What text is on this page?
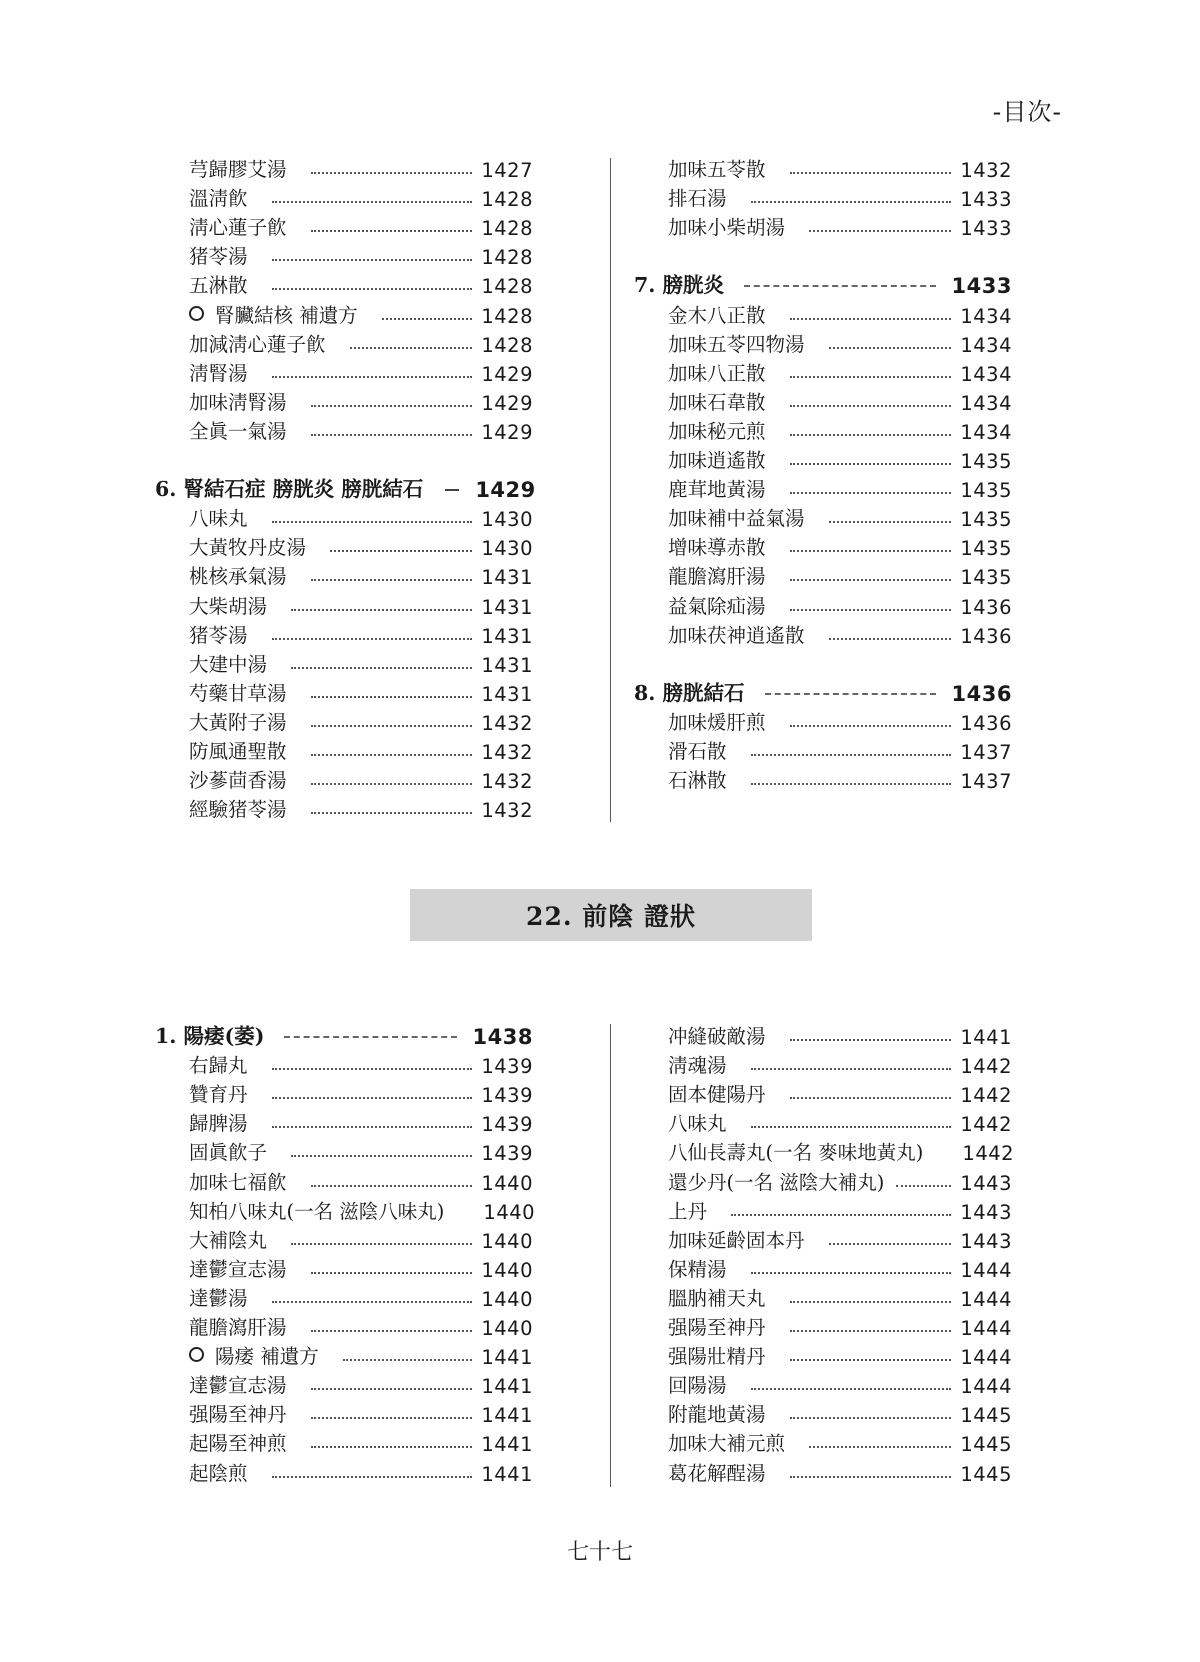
-目次-
芎歸膠艾湯	1427
溫淸飮	1428
淸心蓮子飮	1428
猪苓湯	1428
五淋散	1428
腎臟結核 補遺方	1428
加減淸心蓮子飮	1428
淸腎湯	1429
加味淸腎湯	1429
全眞一氣湯	1429
6. 腎結石症 膀胱炎 膀胱結石 1429
八味丸	1430
大黃牧丹皮湯	1430
桃核承氣湯	1431
大柴胡湯	1431
猪苓湯	1431
大建中湯	1431
芍藥甘草湯	1431
大黃附子湯	1432
防風通聖散	1432
沙蔘茴香湯	1432
經驗猪苓湯	1432
加味五苓散	1432
排石湯	1433
加味小柴胡湯	1433
7. 膀胱炎	1433
金木八正散	1434
加味五苓四物湯	1434
加味八正散	1434
加味石韋散	1434
加味秘元煎	1434
加味逍遙散	1435
鹿茸地黃湯	1435
加味補中益氣湯	1435
增味導赤散	1435
龍膽瀉肝湯	1435
益氣除疝湯	1436
加味茯神逍遙散	1436
8. 膀胱結石	1436
加味煖肝煎	1436
滑石散	1437
石淋散	1437
22. 前陰 證狀
1. 陽痿(萎)	1438
右歸丸	1439
贊育丹	1439
歸脾湯	1439
固眞飮子	1439
加味七福飮	1440
知柏八味丸(一名 滋陰八味丸) 1440
大補陰丸	1440
達鬱宣志湯	1440
達鬱湯	1440
龍膽瀉肝湯	1440
陽痿 補遺方	1441
達鬱宣志湯	1441
强陽至神丹	1441
起陽至神煎	1441
起陰煎	1441
冲縫破敵湯	1441
淸魂湯	1442
固本健陽丹	1442
八味丸	1442
八仙長壽丸(一名 麥味地黃丸) 1442
還少丹(一名 滋陰大補丸)	1443
上丹	1443
加味延齡固本丹	1443
保精湯	1444
膃肭補天丸	1444
强陽至神丹	1444
强陽壯精丹	1444
回陽湯	1444
附龍地黃湯	1445
加味大補元煎	1445
葛花解酲湯	1445
七十七
